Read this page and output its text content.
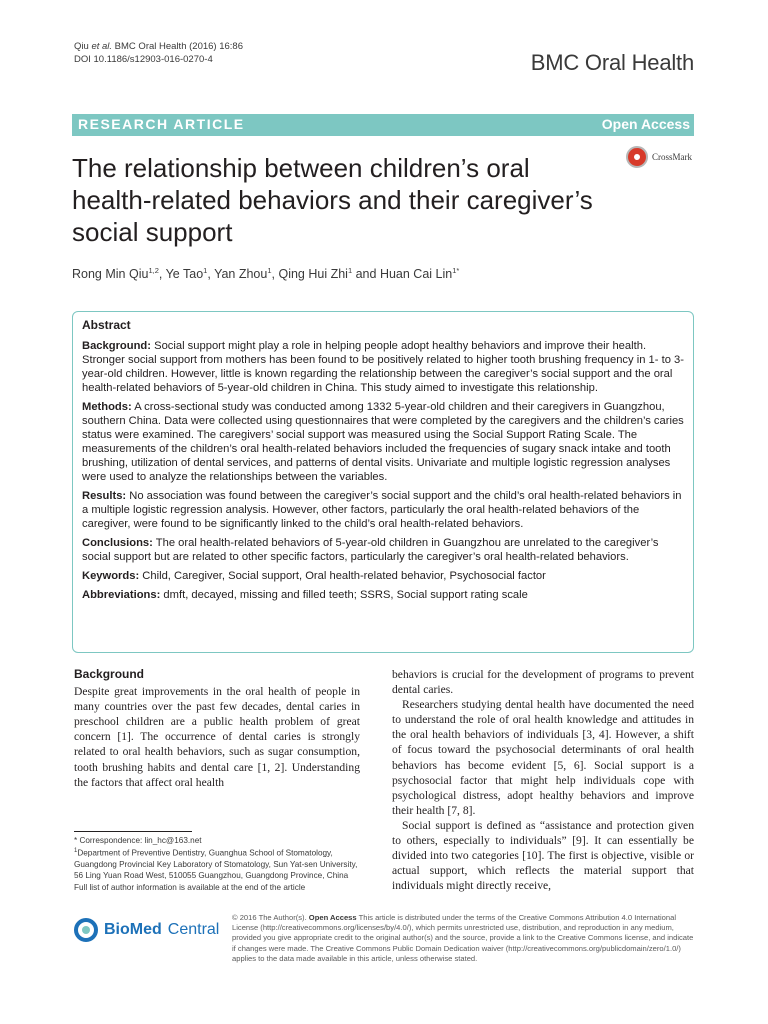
Qiu et al. BMC Oral Health (2016) 16:86
DOI 10.1186/s12903-016-0270-4	BMC Oral Health
RESEARCH ARTICLE	Open Access
The relationship between children’s oral health-related behaviors and their caregiver’s social support
CrossMark
Rong Min Qiu$^{1,2}$, Ye Tao$^1$, Yan Zhou$^1$, Qing Hui Zhi$^1$ and Huan Cai Lin$^{1*}$
Abstract

Background: Social support might play a role in helping people adopt healthy behaviors and improve their health. Stronger social support from mothers has been found to be positively related to higher tooth brushing frequency in 1- to 3-year-old children. However, little is known regarding the relationship between the caregiver’s social support and the oral health-related behaviors of 5-year-old children in China. This study aimed to investigate this relationship.

Methods: A cross-sectional study was conducted among 1332 5-year-old children and their caregivers in Guangzhou, southern China. Data were collected using questionnaires that were completed by the caregivers and the children’s caries status were examined. The caregivers’ social support was measured using the Social Support Rating Scale. The measurements of the children’s oral health-related behaviors included the frequencies of sugary snack intake and tooth brushing, utilization of dental services, and patterns of dental visits. Univariate and multiple logistic regression analyses were used to analyze the relationships between the variables.

Results: No association was found between the caregiver’s social support and the child’s oral health-related behaviors in a multiple logistic regression analysis. However, other factors, particularly the oral health-related behaviors of the caregiver, were found to be significantly linked to the child’s oral health-related behaviors.

Conclusions: The oral health-related behaviors of 5-year-old children in Guangzhou are unrelated to the caregiver’s social support but are related to other specific factors, particularly the caregiver’s oral health-related behaviors.

Keywords: Child, Caregiver, Social support, Oral health-related behavior, Psychosocial factor

Abbreviations: dmft, decayed, missing and filled teeth; SSRS, Social support rating scale

Background

Despite great improvements in the oral health of people in many countries over the past few decades, dental caries in preschool children are a public health problem of great concern [1]. The occurrence of dental caries is strongly related to oral health behaviors, such as sugar consumption, tooth brushing habits and dental care [1, 2]. Understanding the factors that affect oral health

behaviors is crucial for the development of programs to prevent dental caries.

Researchers studying dental health have documented the need to understand the role of oral health knowledge and attitudes in the oral health behaviors of individuals [3, 4]. However, a shift of focus toward the psychosocial determinants of oral health behaviors has become evident [5, 6]. Social support is a psychosocial factor that might help individuals cope with psychological distress, adopt healthy behaviors and improve their health [7, 8].

Social support is defined as “assistance and protection given to others, especially to individuals” [9]. It can essentially be divided into two categories [10]. The first is objective, visible or actual support, which reflects the material support that individuals might directly receive,

* Correspondence: lin_hc@163.net

$^1$Department of Preventive Dentistry, Guanghua School of Stomatology, Guangdong Provincial Key Laboratory of Stomatology, Sun Yat-sen University, 56 Ling Yuan Road West, 510055 Guangzhou, Guangdong Province, China

Full list of author information is available at the end of the article

BioMed Central
© 2016 The Author(s). Open Access This article is distributed under the terms of the Creative Commons Attribution 4.0 International License (http://creativecommons.org/licenses/by/4.0/), which permits unrestricted use, distribution, and reproduction in any medium, provided you give appropriate credit to the original author(s) and the source, provide a link to the Creative Commons license, and indicate if changes were made. The Creative Commons Public Domain Dedication waiver (http://creativecommons.org/publicdomain/zero/1.0/) applies to the data made available in this article, unless otherwise stated.
